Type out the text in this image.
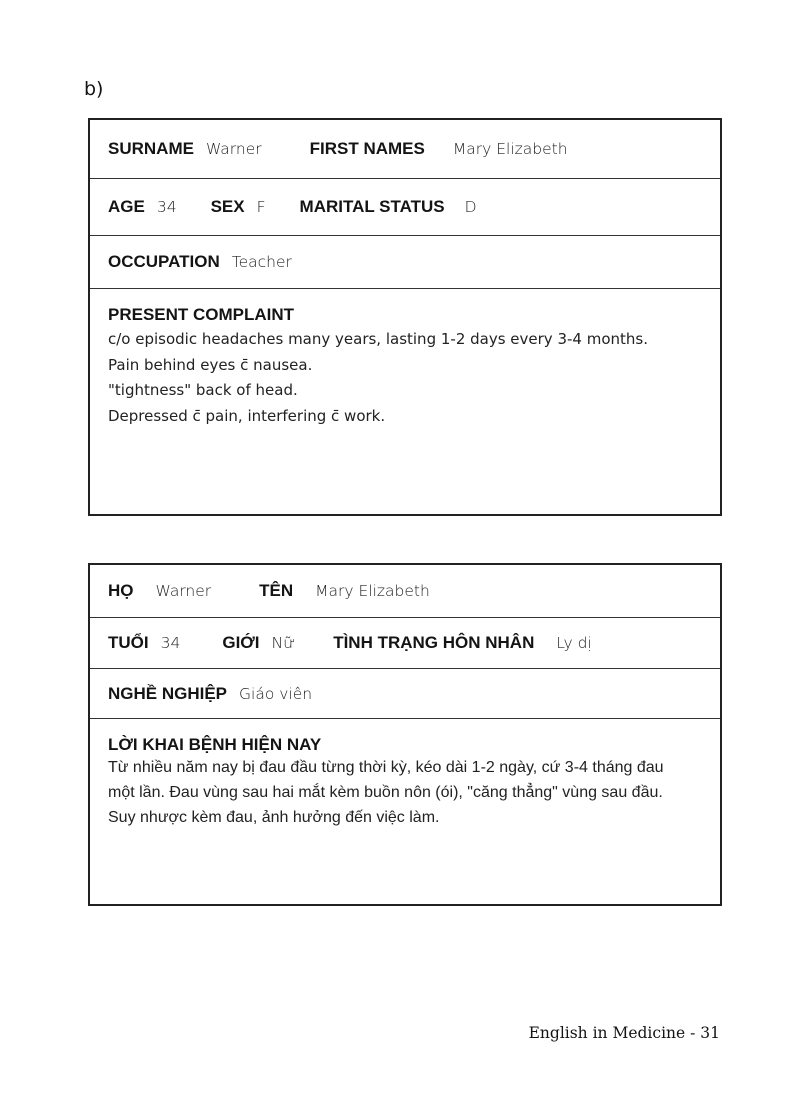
b)
SURNAME Warner	FIRST NAMES Mary Elizabeth
AGE 34 SEX F MARITAL STATUS D
OCCUPATION Teacher
PRESENT COMPLAINT
c/o episodic headaches many years, lasting 1-2 days every 3-4 months.
Pain behind eyes c̄ nausea.
"tightness" back of head.
Depressed c̄ pain, interfering c̄ work.
HỌ Warner	TÊN Mary Elizabeth
TUỔI 34 GIỚI Nữ TÌNH TRẠNG HÔN NHÂN Ly dị
NGHỀ NGHIỆP Giáo viên
LỜI KHAI BỆNH HIỆN NAY
Từ nhiều năm nay bị đau đầu từng thời kỳ, kéo dài 1-2 ngày, cứ 3-4 tháng đau
một lần. Đau vùng sau hai mắt kèm buồn nôn (ói), "căng thẳng" vùng sau đầu.
Suy nhược kèm đau, ảnh hưởng đến việc làm.
English in Medicine - 31
